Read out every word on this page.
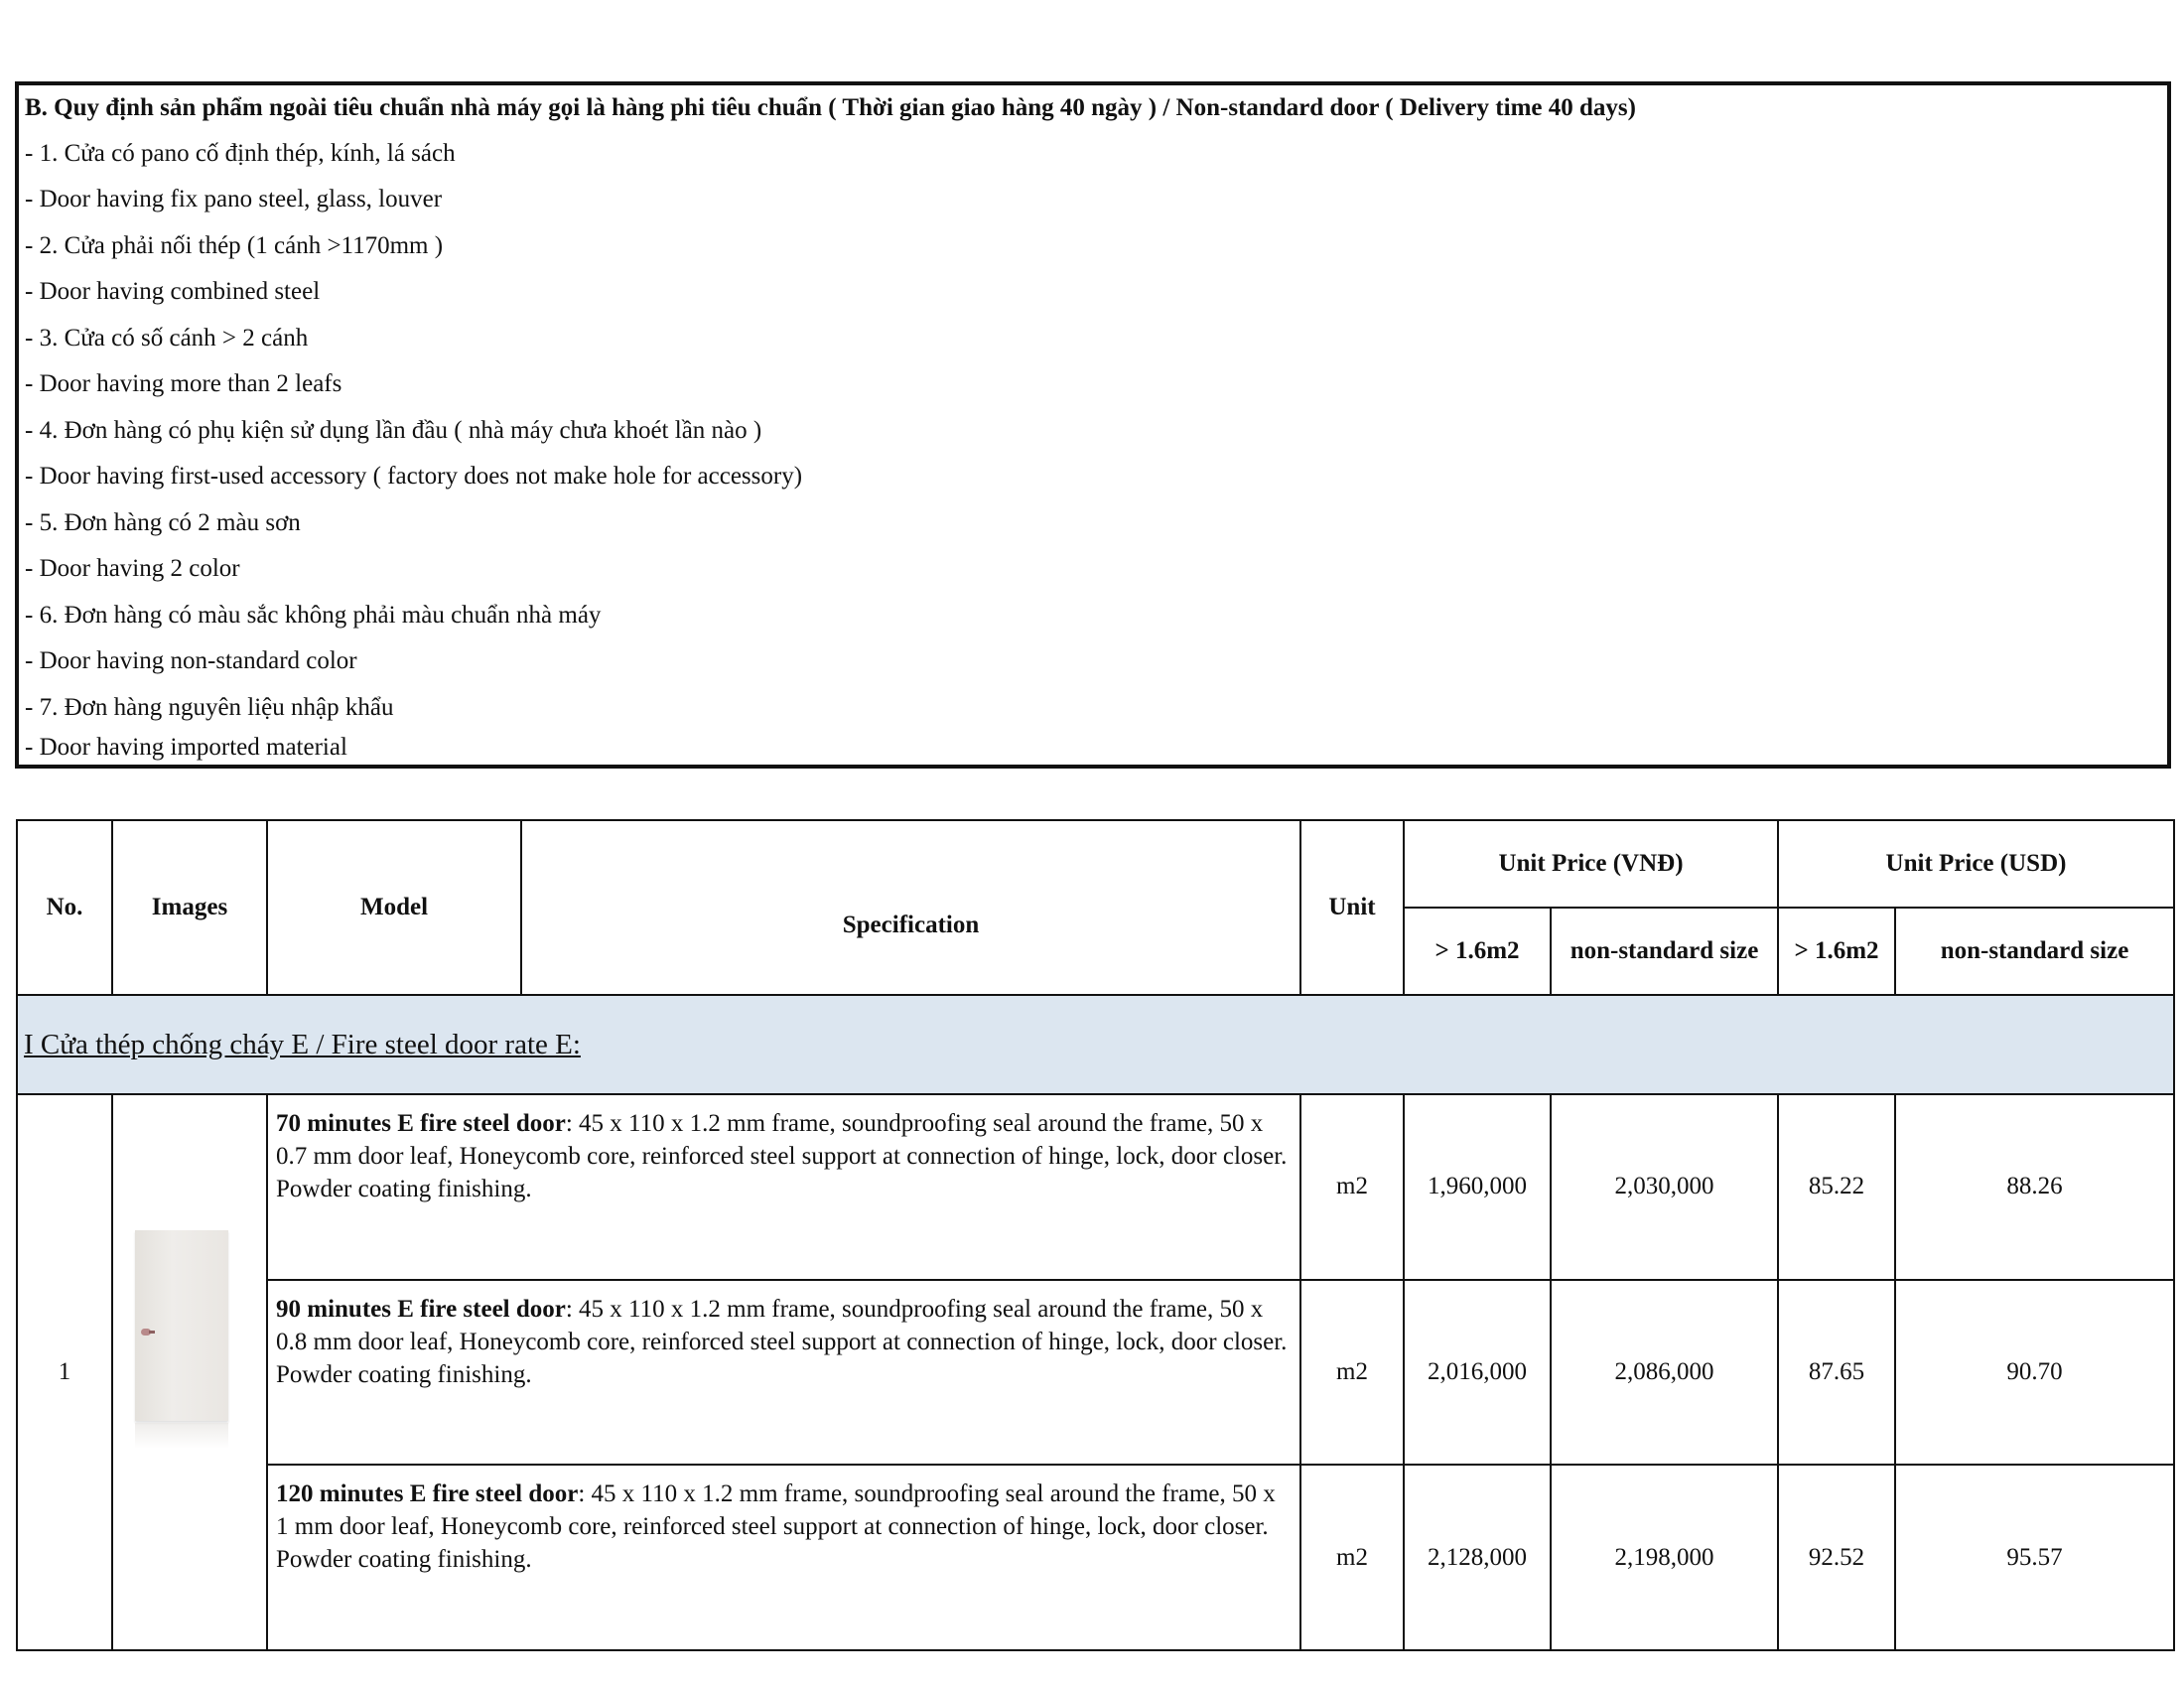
B. Quy định sản phẩm ngoài tiêu chuẩn nhà máy gọi là hàng phi tiêu chuẩn ( Thời gian giao hàng 40 ngày ) / Non-standard door ( Delivery time 40 days)
- 1. Cửa có pano cố định thép, kính, lá sách
- Door having fix pano steel, glass, louver
- 2. Cửa phải nối thép (1 cánh >1170mm )
- Door having combined steel
- 3. Cửa có số cánh > 2 cánh
- Door having more than 2 leafs
- 4. Đơn hàng có phụ kiện sử dụng lần đầu ( nhà máy chưa khoét lần nào )
- Door having first-used accessory ( factory does not make hole for accessory)
- 5. Đơn hàng có 2 màu sơn
- Door having 2 color
- 6. Đơn hàng có màu sắc không phải màu chuẩn nhà máy
- Door having non-standard color
- 7. Đơn hàng nguyên liệu nhập khẩu
- Door having imported material
No.	Images	Model	Specification	Unit	Unit Price (VNĐ)		Unit Price (USD)	
					> 1.6m2	non-standard size	> 1.6m2	non-standard size
I Cửa thép chống cháy E / Fire steel door rate E:								
1		70 minutes E fire steel door: 45 x 110 x 1.2 mm frame, soundproofing seal around the frame, 50 x 0.7 mm door leaf, Honeycomb core, reinforced steel support at connection of hinge, lock, door closer. Powder coating finishing.		m2	1,960,000	2,030,000	85.22	88.26
		90 minutes E fire steel door: 45 x 110 x 1.2 mm frame, soundproofing seal around the frame, 50 x 0.8 mm door leaf, Honeycomb core, reinforced steel support at connection of hinge, lock, door closer. Powder coating finishing.		m2	2,016,000	2,086,000	87.65	90.70
		120 minutes E fire steel door: 45 x 110 x 1.2 mm frame, soundproofing seal around the frame, 50 x 1 mm door leaf, Honeycomb core, reinforced steel support at connection of hinge, lock, door closer. Powder coating finishing.		m2	2,128,000	2,198,000	92.52	95.57
